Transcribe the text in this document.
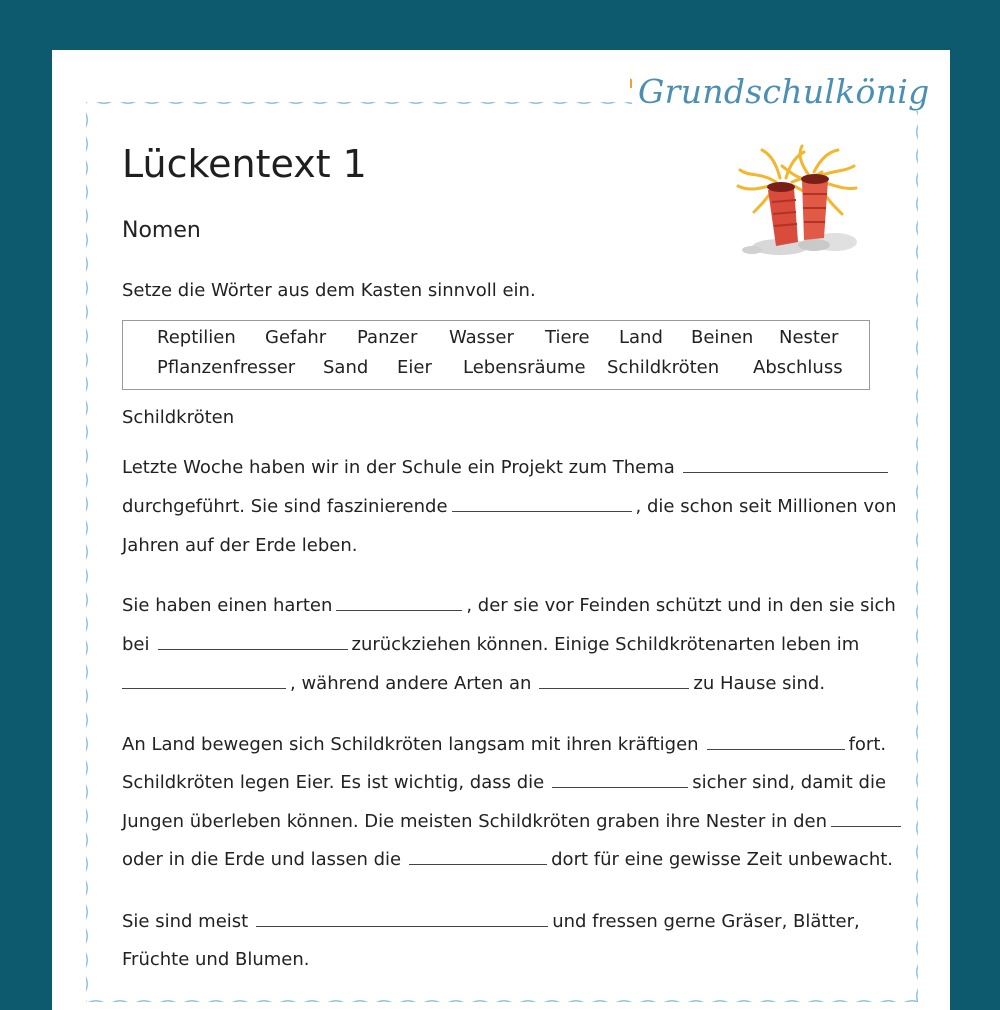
Grundschulkönig
Lückentext 1
Nomen
Setze die Wörter aus dem Kasten sinnvoll ein.
Reptilien Gefahr Panzer Wasser Tiere Land Beinen Nester
Pflanzenfresser Sand Eier Lebensräume Schildkröten Abschluss
Schildkröten
Letzte Woche haben wir in der Schule ein Projekt zum Thema
durchgeführt. Sie sind faszinierende	, die schon seit Millionen von
Jahren auf der Erde leben.
Sie haben einen harten	, der sie vor Feinden schützt und in den sie sich
bei	zurückziehen können. Einige Schildkrötenarten leben im
, während andere Arten an	zu Hause sind.
An Land bewegen sich Schildkröten langsam mit ihren kräftigen	fort.
Schildkröten legen Eier. Es ist wichtig, dass die	sicher sind, damit die
Jungen überleben können. Die meisten Schildkröten graben ihre Nester in den
oder in die Erde und lassen die	dort für eine gewisse Zeit unbewacht.
Sie sind meist	und fressen gerne Gräser, Blätter,
Früchte und Blumen.
